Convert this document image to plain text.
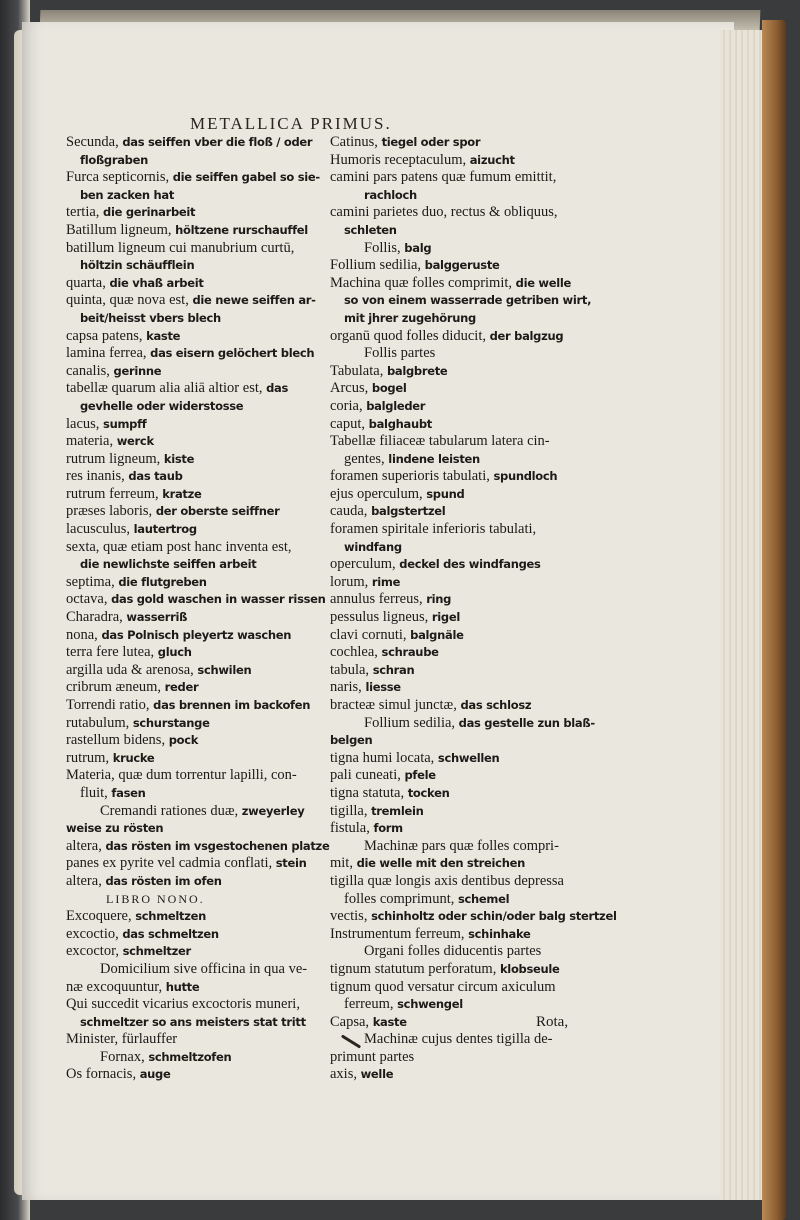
METALLICA PRIMUS.
Secunda, das seiffen vber die floß / oder
floßgraben
Furca septicornis, die seiffen gabel so sie-
ben zacken hat
tertia, die gerinarbeit
Batillum ligneum, höltzene rurschauffel
batillum ligneum cui manubrium curtū,
höltzin schäufflein
quarta, die vhaß arbeit
quinta, quæ nova est, die newe seiffen ar-
beit/heisst vbers blech
capsa patens, kaste
lamina ferrea, das eisern gelöchert blech
canalis, gerinne
tabellæ quarum alia aliā altior est, das
gevhelle oder widerstosse
lacus, sumpff
materia, werck
rutrum ligneum, kiste
res inanis, das taub
rutrum ferreum, kratze
præses laboris, der oberste seiffner
lacusculus, lautertrog
sexta, quæ etiam post hanc inventa est,
die newlichste seiffen arbeit
septima, die flutgreben
octava, das gold waschen in wasser rissen
Charadra, wasserriß
nona, das Polnisch pleyertz waschen
terra fere lutea, gluch
argilla uda & arenosa, schwilen
cribrum æneum, reder
Torrendi ratio, das brennen im backofen
rutabulum, schurstange
rastellum bidens, pock
rutrum, krucke
Materia, quæ dum torrentur lapilli, con-
fluit, fasen
Cremandi rationes duæ, zweyerley
weise zu rösten
altera, das rösten im vsgestochenen platze
panes ex pyrite vel cadmia conflati, stein
altera, das rösten im ofen
LIBRO NONO.
Excoquere, schmeltzen
excoctio, das schmeltzen
excoctor, schmeltzer
Domicilium sive officina in qua ve-
næ excoquuntur, hutte
Qui succedit vicarius excoctoris muneri,
schmeltzer so ans meisters stat tritt
Minister, fürlauffer
Fornax, schmeltzofen
Os fornacis, auge
Catinus, tiegel oder spor
Humoris receptaculum, aizucht
camini pars patens quæ fumum emittit,
rachloch
camini parietes duo, rectus & obliquus,
schleten
Follis, balg
Follium sedilia, balggeruste
Machina quæ folles comprimit, die welle
so von einem wasserrade getriben wirt,
mit jhrer zugehörung
organū quod folles diducit, der balgzug
Follis partes
Tabulata, balgbrete
Arcus, bogel
coria, balgleder
caput, balghaubt
Tabellæ filiaceæ tabularum latera cin-
gentes, lindene leisten
foramen superioris tabulati, spundloch
ejus operculum, spund
cauda, balgstertzel
foramen spiritale inferioris tabulati,
windfang
operculum, deckel des windfanges
lorum, rime
annulus ferreus, ring
pessulus ligneus, rigel
clavi cornuti, balgnäle
cochlea, schraube
tabula, schran
naris, liesse
bracteæ simul junctæ, das schlosz
Follium sedilia, das gestelle zun blaß-
belgen
tigna humi locata, schwellen
pali cuneati, pfele
tigna statuta, tocken
tigilla, tremlein
fistula, form
Machinæ pars quæ folles compri-
mit, die welle mit den streichen
tigilla quæ longis axis dentibus depressa
folles comprimunt, schemel
vectis, schinholtz oder schin/oder balg stertzel
Instrumentum ferreum, schinhake
Organi folles diducentis partes
tignum statutum perforatum, klobseule
tignum quod versatur circum axiculum
ferreum, schwengel
Capsa, kaste
Machinæ cujus dentes tigilla de-
primunt partes
axis, welle
Rota,
